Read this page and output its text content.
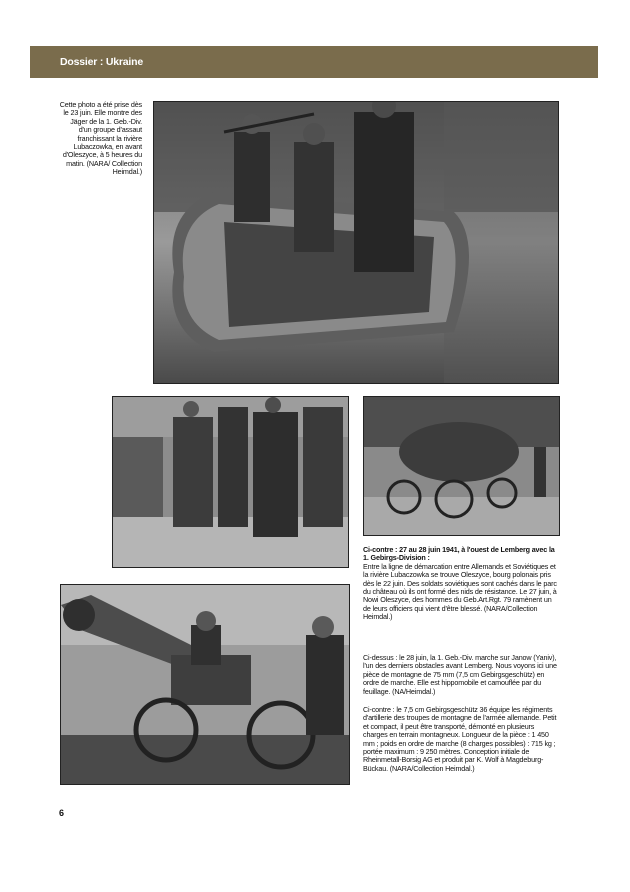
Dossier : Ukraine

Cette photo a été prise dès le 23 juin. Elle montre des Jäger de la 1. Geb.-Div. d'un groupe d'assaut franchissant la rivière Lubaczowka, en avant d'Oleszyce, à 5 heures du matin. (NARA/ Collection Heimdal.)

Ci-contre : 27 au 28 juin 1941, à l'ouest de Lemberg avec la 1. Gebirgs-Division :

Entre la ligne de démarcation entre Allemands et Soviétiques et la rivière Lubaczowka se trouve Oleszyce, bourg polonais pris dès le 22 juin. Des soldats soviétiques sont cachés dans le parc du château où ils ont formé des nids de résistance. Le 27 juin, à Nowi Oleszyce, des hommes du Geb.Art.Rgt. 79 ramènent un de leurs officiers qui vient d'être blessé. (NARA/Collection Heimdal.)

Ci-dessus : le 28 juin, la 1. Geb.-Div. marche sur Janow (Yaniv), l'un des derniers obstacles avant Lemberg. Nous voyons ici une pièce de montagne de 75 mm (7,5 cm Gebirgsgeschütz) en ordre de marche. Elle est hippomobile et camouflée par du feuillage. (NA/Heimdal.)

Ci-contre : le 7,5 cm Gebirgsgeschütz 36 équipe les régiments d'artillerie des troupes de montagne de l'armée allemande. Petit et compact, il peut être transporté, démonté en plusieurs charges en terrain montagneux. Longueur de la pièce : 1 450 mm ; poids en ordre de marche (8 charges possibles) : 715 kg ; portée maximum : 9 250 mètres. Conception initiale de Rheinmetall-Borsig AG et produit par K. Wolf à Magdeburg-Bückau. (NARA/Collection Heimdal.)

6
